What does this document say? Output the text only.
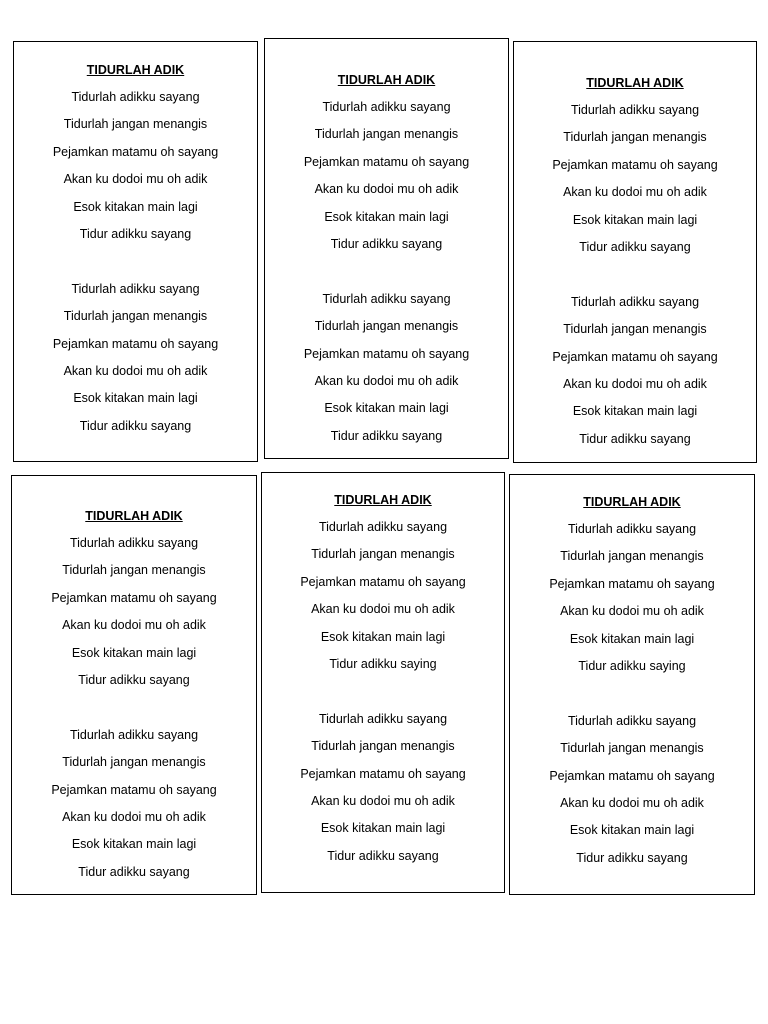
TIDURLAH ADIK
Tidurlah adikku sayang
Tidurlah jangan menangis
Pejamkan matamu oh sayang
Akan ku dodoi mu oh adik
Esok kitakan main lagi
Tidur adikku sayang
Tidurlah adikku sayang
Tidurlah jangan menangis
Pejamkan matamu oh sayang
Akan ku dodoi mu oh adik
Esok kitakan main lagi
Tidur adikku sayang
TIDURLAH ADIK
Tidurlah adikku sayang
Tidurlah jangan menangis
Pejamkan matamu oh sayang
Akan ku dodoi mu oh adik
Esok kitakan main lagi
Tidur adikku sayang
Tidurlah adikku sayang
Tidurlah jangan menangis
Pejamkan matamu oh sayang
Akan ku dodoi mu oh adik
Esok kitakan main lagi
Tidur adikku sayang
TIDURLAH ADIK
Tidurlah adikku sayang
Tidurlah jangan menangis
Pejamkan matamu oh sayang
Akan ku dodoi mu oh adik
Esok kitakan main lagi
Tidur adikku sayang
Tidurlah adikku sayang
Tidurlah jangan menangis
Pejamkan matamu oh sayang
Akan ku dodoi mu oh adik
Esok kitakan main lagi
Tidur adikku sayang
TIDURLAH ADIK
Tidurlah adikku sayang
Tidurlah jangan menangis
Pejamkan matamu oh sayang
Akan ku dodoi mu oh adik
Esok kitakan main lagi
Tidur adikku sayang
Tidurlah adikku sayang
Tidurlah jangan menangis
Pejamkan matamu oh sayang
Akan ku dodoi mu oh adik
Esok kitakan main lagi
Tidur adikku sayang
TIDURLAH ADIK
Tidurlah adikku sayang
Tidurlah jangan menangis
Pejamkan matamu oh sayang
Akan ku dodoi mu oh adik
Esok kitakan main lagi
Tidur adikku saying
Tidurlah adikku sayang
Tidurlah jangan menangis
Pejamkan matamu oh sayang
Akan ku dodoi mu oh adik
Esok kitakan main lagi
Tidur adikku sayang
TIDURLAH ADIK
Tidurlah adikku sayang
Tidurlah jangan menangis
Pejamkan matamu oh sayang
Akan ku dodoi mu oh adik
Esok kitakan main lagi
Tidur adikku saying
Tidurlah adikku sayang
Tidurlah jangan menangis
Pejamkan matamu oh sayang
Akan ku dodoi mu oh adik
Esok kitakan main lagi
Tidur adikku sayang
